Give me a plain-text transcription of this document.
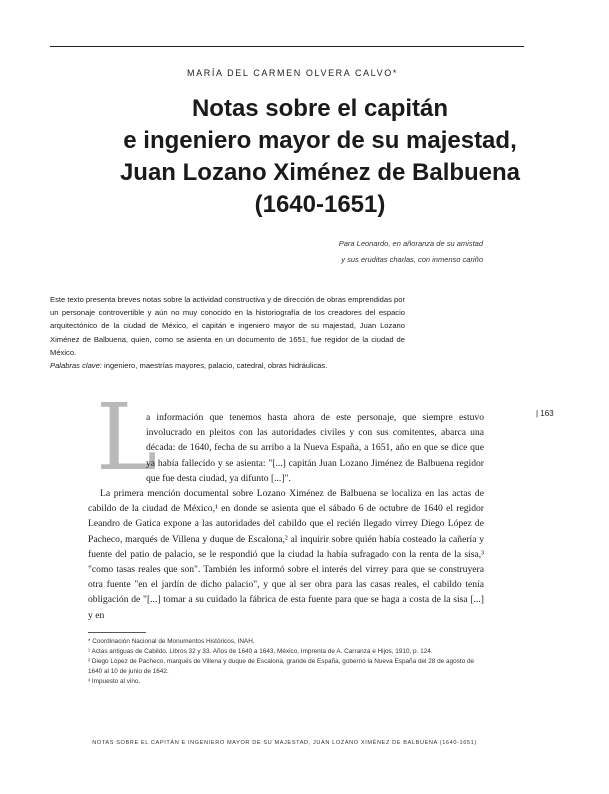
MARÍA DEL CARMEN OLVERA CALVO*
Notas sobre el capitán
e ingeniero mayor de su majestad,
Juan Lozano Ximénez de Balbuena
(1640-1651)
Para Leonardo, en añoranza de su amistad
y sus eruditas charlas, con inmenso cariño

Este texto presenta breves notas sobre la actividad constructiva y de dirección de obras emprendidas por un personaje controvertible y aún no muy conocido en la historiografía de los creadores del espacio arquitectónico de la ciudad de México, el capitán e ingeniero mayor de su majestad, Juan Lozano Ximénez de Balbuena, quien, como se asienta en un documento de 1651, fue regidor de la ciudad de México.

Palabras clave: ingeniero, maestrías mayores, palacio, catedral, obras hidráulicas.

| 163
L

a información que tenemos hasta ahora de este personaje, que siempre estuvo involucrado en pleitos con las autoridades civiles y con sus comitentes, abarca una década: de 1640, fecha de su arribo a la Nueva España, a 1651, año en que se dice que ya había fallecido y se asienta: "[...] capitán Juan Lozano Jiménez de Balbuena regidor que fue desta ciudad, ya difunto [...]".

La primera mención documental sobre Lozano Ximénez de Balbuena se localiza en las actas de cabildo de la ciudad de México,¹ en donde se asienta que el sábado 6 de octubre de 1640 el regidor Leandro de Gatica expone a las autoridades del cabildo que el recién llegado virrey Diego López de Pacheco, marqués de Villena y duque de Escalona,² al inquirir sobre quién había costeado la cañería y fuente del patio de palacio, se le respondió que la ciudad la había sufragado con la renta de la sisa,³ "como tasas reales que son". También les informó sobre el interés del virrey para que se construyera otra fuente "en el jardín de dicho palacio", y que al ser obra para las casas reales, el cabildo tenía obligación de "[...] tomar a su cuidado la fábrica de esta fuente para que se haga a costa de la sisa [...] y en

* Coordinación Nacional de Monumentos Históricos, INAH.

¹ Actas antiguas de Cabildo. Libros 32 y 33. Años de 1640 a 1643, México, Imprenta de A. Carranza e Hijos, 1910, p. 124.

² Diego López de Pacheco, marqués de Villena y duque de Escalona, grande de España, gobernó la Nueva España del 28 de agosto de 1640 al 10 de junio de 1642.

³ Impuesto al vino.

NOTAS SOBRE EL CAPITÁN E INGENIERO MAYOR DE SU MAJESTAD, JUAN LOZANO XIMÉNEZ DE BALBUENA (1640-1651)
